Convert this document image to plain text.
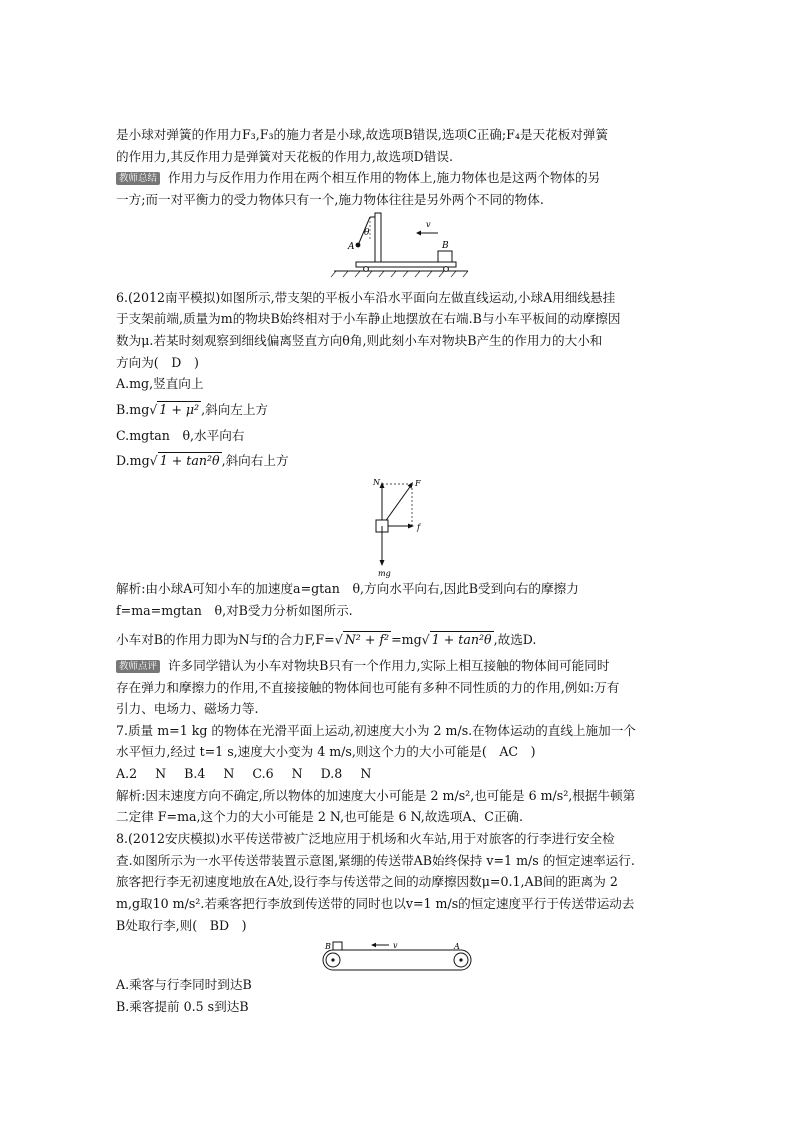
是小球对弹簧的作用力F₃,F₃的施力者是小球,故选项B错误,选项C正确;F₄是天花板对弹簧

的作用力,其反作用力是弹簧对天花板的作用力,故选项D错误.

教师总结 作用力与反作用力作用在两个相互作用的物体上,施力物体也是这两个物体的另

一方;而一对平衡力的受力物体只有一个,施力物体往往是另外两个不同的物体.

θ
A
v
B

6.(2012南平模拟)如图所示,带支架的平板小车沿水平面向左做直线运动,小球A用细线悬挂

于支架前端,质量为m的物块B始终相对于小车静止地摆放在右端.B与小车平板间的动摩擦因

数为μ.若某时刻观察到细线偏离竖直方向θ角,则此刻小车对物块B产生的作用力的大小和

方向为(　D　)

A.mg,竖直向上

B.mg√ 1 + μ² ,斜向左上方

C.mgtan　θ,水平向右

D.mg√ 1 + tan²θ ,斜向右上方

N	F
f
mg

解析:由小球A可知小车的加速度a=gtan　θ,方向水平向右,因此B受到向右的摩擦力

f=ma=mgtan　θ,对B受力分析如图所示.

小车对B的作用力即为N与f的合力F,F=√ N² + f² =mg√ 1 + tan²θ ,故选D.

教师点评 许多同学错认为小车对物块B只有一个作用力,实际上相互接触的物体间可能同时

存在弹力和摩擦力的作用,不直接接触的物体间也可能有多种不同性质的力的作用,例如:万有

引力、电场力、磁场力等.

7.质量 m=1 kg 的物体在光滑平面上运动,初速度大小为 2 m/s.在物体运动的直线上施加一个

水平恒力,经过 t=1 s,速度大小变为 4 m/s,则这个力的大小可能是(　AC　)

A.2 N B.4 N C.6 N D.8 N

解析:因末速度方向不确定,所以物体的加速度大小可能是 2 m/s²,也可能是 6 m/s²,根据牛顿第

二定律 F=ma,这个力的大小可能是 2 N,也可能是 6 N,故选项A、C正确.

8.(2012安庆模拟)水平传送带被广泛地应用于机场和火车站,用于对旅客的行李进行安全检

查.如图所示为一水平传送带装置示意图,紧绷的传送带AB始终保持 v=1 m/s 的恒定速率运行.

旅客把行李无初速度地放在A处,设行李与传送带之间的动摩擦因数μ=0.1,AB间的距离为 2

m,g取10 m/s².若乘客把行李放到传送带的同时也以v=1 m/s的恒定速度平行于传送带运动去

B处取行李,则(　BD　)

B	v	A

A.乘客与行李同时到达B

B.乘客提前 0.5 s到达B
